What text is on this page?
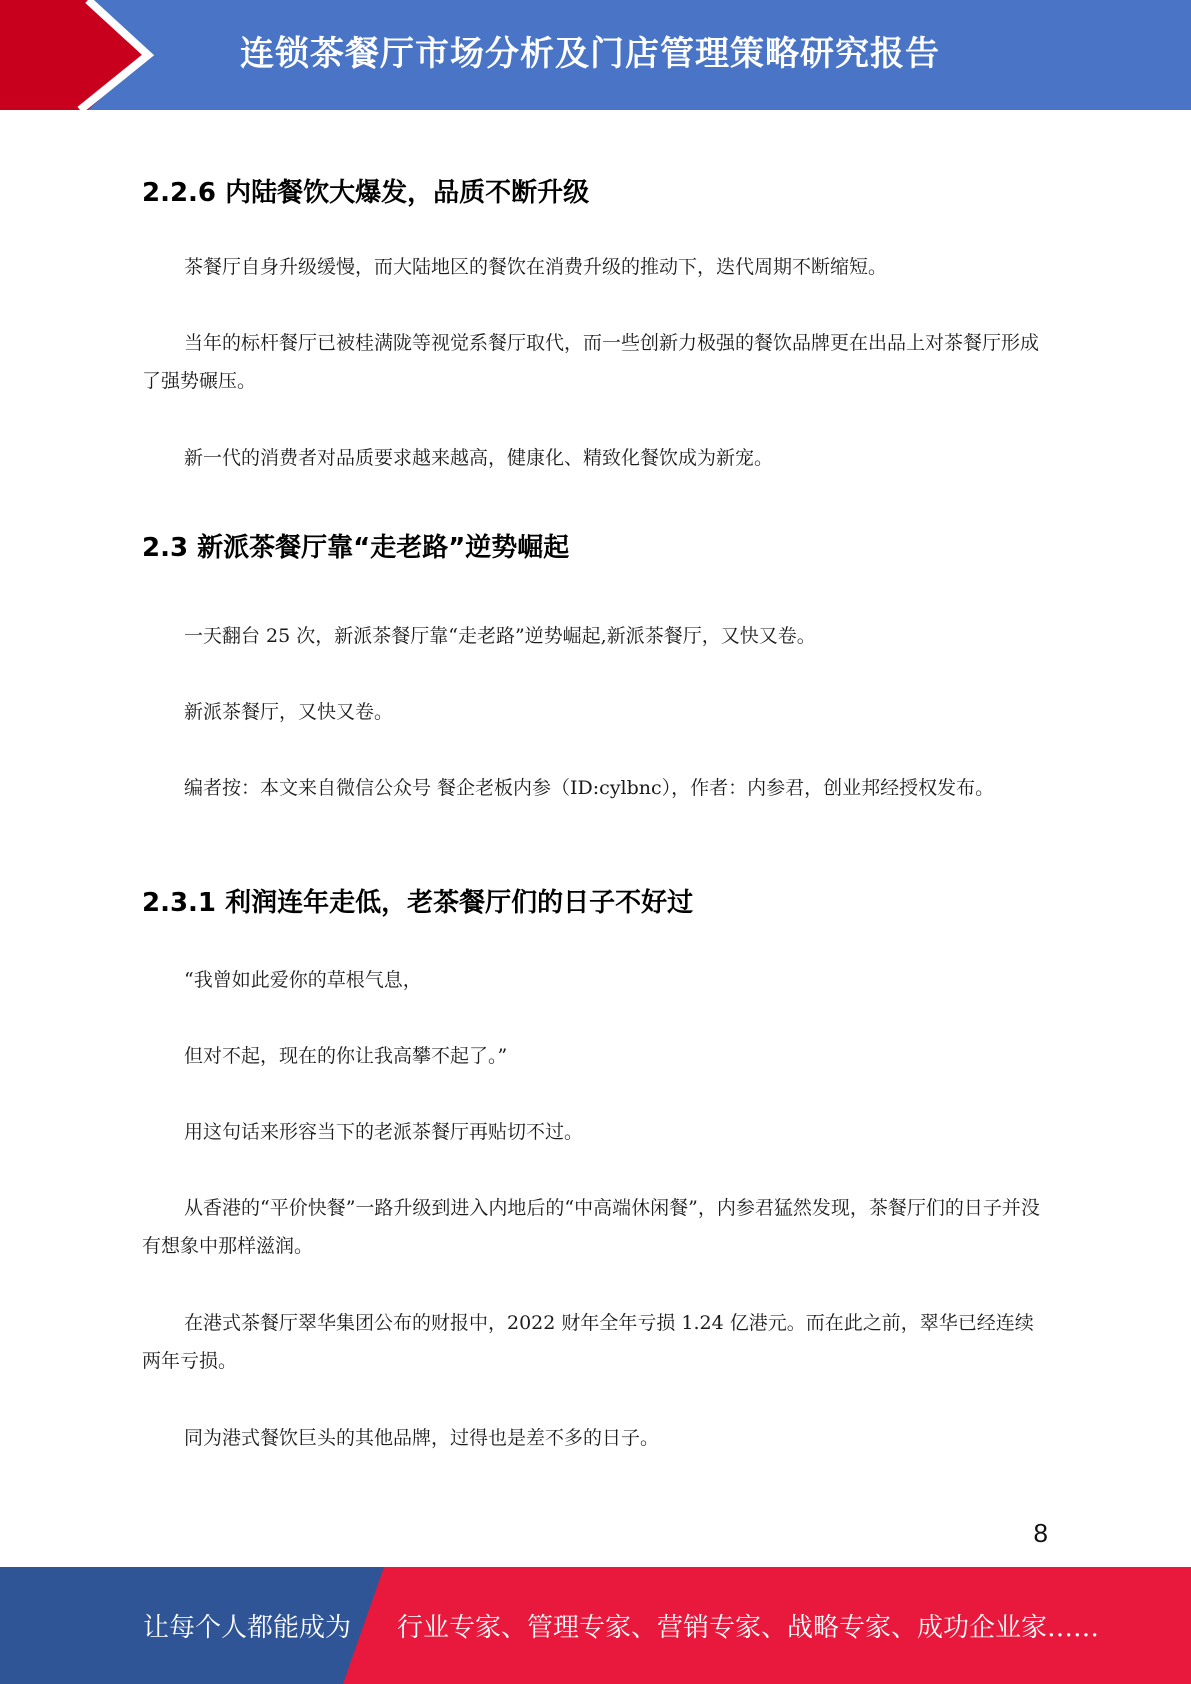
连锁茶餐厅市场分析及门店管理策略研究报告
2.2.6 内陆餐饮大爆发，品质不断升级
茶餐厅自身升级缓慢，而大陆地区的餐饮在消费升级的推动下，迭代周期不断缩短。
当年的标杆餐厅已被桂满陇等视觉系餐厅取代，而一些创新力极强的餐饮品牌更在出品上对茶餐厅形成了强势碾压。
新一代的消费者对品质要求越来越高，健康化、精致化餐饮成为新宠。
2.3 新派茶餐厅靠“走老路”逆势崛起
一天翻台 25 次，新派茶餐厅靠“走老路”逆势崛起,新派茶餐厅，又快又卷。
新派茶餐厅，又快又卷。
编者按：本文来自微信公众号 餐企老板内参（ID:cylbnc），作者：内参君，创业邦经授权发布。
2.3.1 利润连年走低，老茶餐厅们的日子不好过
“我曾如此爱你的草根气息，
但对不起，现在的你让我高攀不起了。”
用这句话来形容当下的老派茶餐厅再贴切不过。
从香港的“平价快餐”一路升级到进入内地后的“中高端休闲餐”，内参君猛然发现，茶餐厅们的日子并没有想象中那样滋润。
在港式茶餐厅翠华集团公布的财报中，2022 财年全年亏损 1.24 亿港元。而在此之前，翠华已经连续两年亏损。
同为港式餐饮巨头的其他品牌，过得也是差不多的日子。
8
让每个人都能成为 行业专家、管理专家、营销专家、战略专家、成功企业家……
